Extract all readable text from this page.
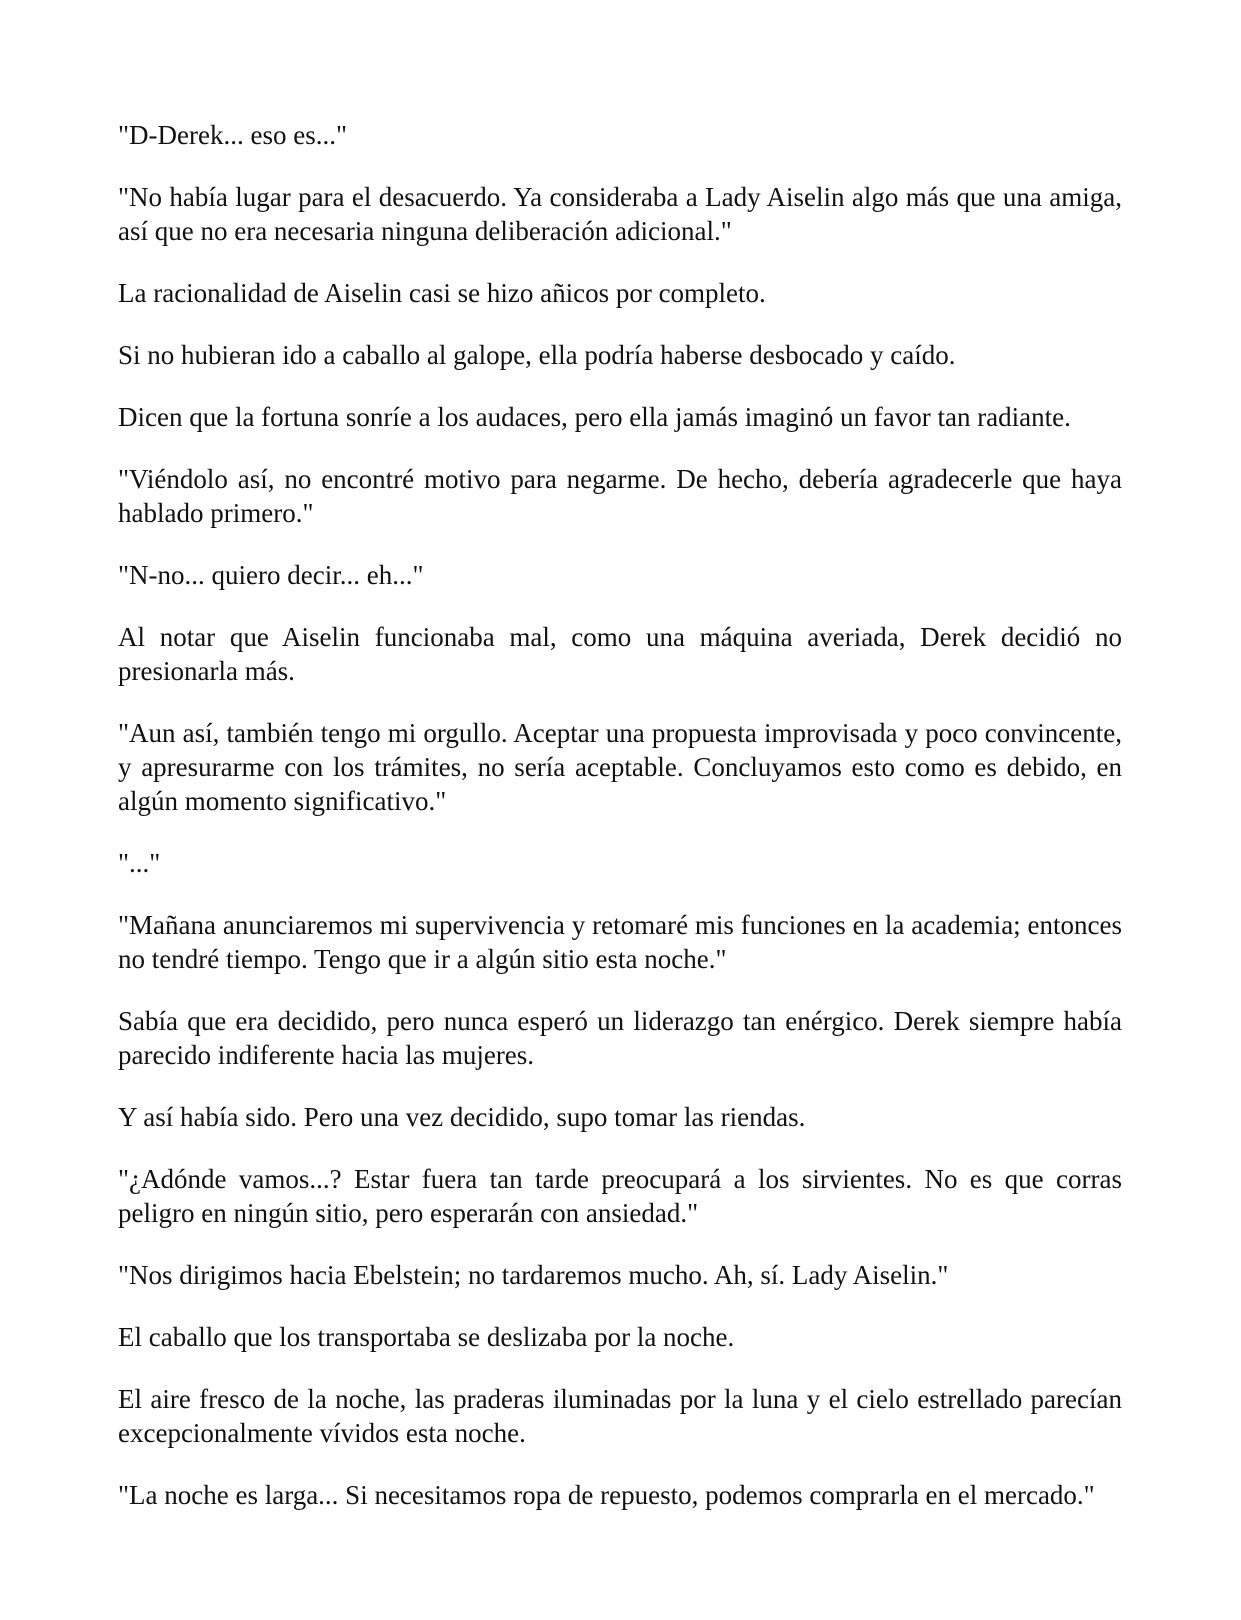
"D-Derek... eso es..."

"No había lugar para el desacuerdo. Ya consideraba a Lady Aiselin algo más que una amiga, así que no era necesaria ninguna deliberación adicional."

La racionalidad de Aiselin casi se hizo añicos por completo.

Si no hubieran ido a caballo al galope, ella podría haberse desbocado y caído.

Dicen que la fortuna sonríe a los audaces, pero ella jamás imaginó un favor tan radiante.

"Viéndolo así, no encontré motivo para negarme. De hecho, debería agradecerle que haya hablado primero."

"N-no... quiero decir... eh..."

Al notar que Aiselin funcionaba mal, como una máquina averiada, Derek decidió no presionarla más.

"Aun así, también tengo mi orgullo. Aceptar una propuesta improvisada y poco convincente, y apresurarme con los trámites, no sería aceptable. Concluyamos esto como es debido, en algún momento significativo."

"..."

"Mañana anunciaremos mi supervivencia y retomaré mis funciones en la academia; entonces no tendré tiempo. Tengo que ir a algún sitio esta noche."

Sabía que era decidido, pero nunca esperó un liderazgo tan enérgico. Derek siempre había parecido indiferente hacia las mujeres.

Y así había sido. Pero una vez decidido, supo tomar las riendas.

"¿Adónde vamos...? Estar fuera tan tarde preocupará a los sirvientes. No es que corras peligro en ningún sitio, pero esperarán con ansiedad."

"Nos dirigimos hacia Ebelstein; no tardaremos mucho. Ah, sí. Lady Aiselin."

El caballo que los transportaba se deslizaba por la noche.

El aire fresco de la noche, las praderas iluminadas por la luna y el cielo estrellado parecían excepcionalmente vívidos esta noche.

"La noche es larga... Si necesitamos ropa de repuesto, podemos comprarla en el mercado."
